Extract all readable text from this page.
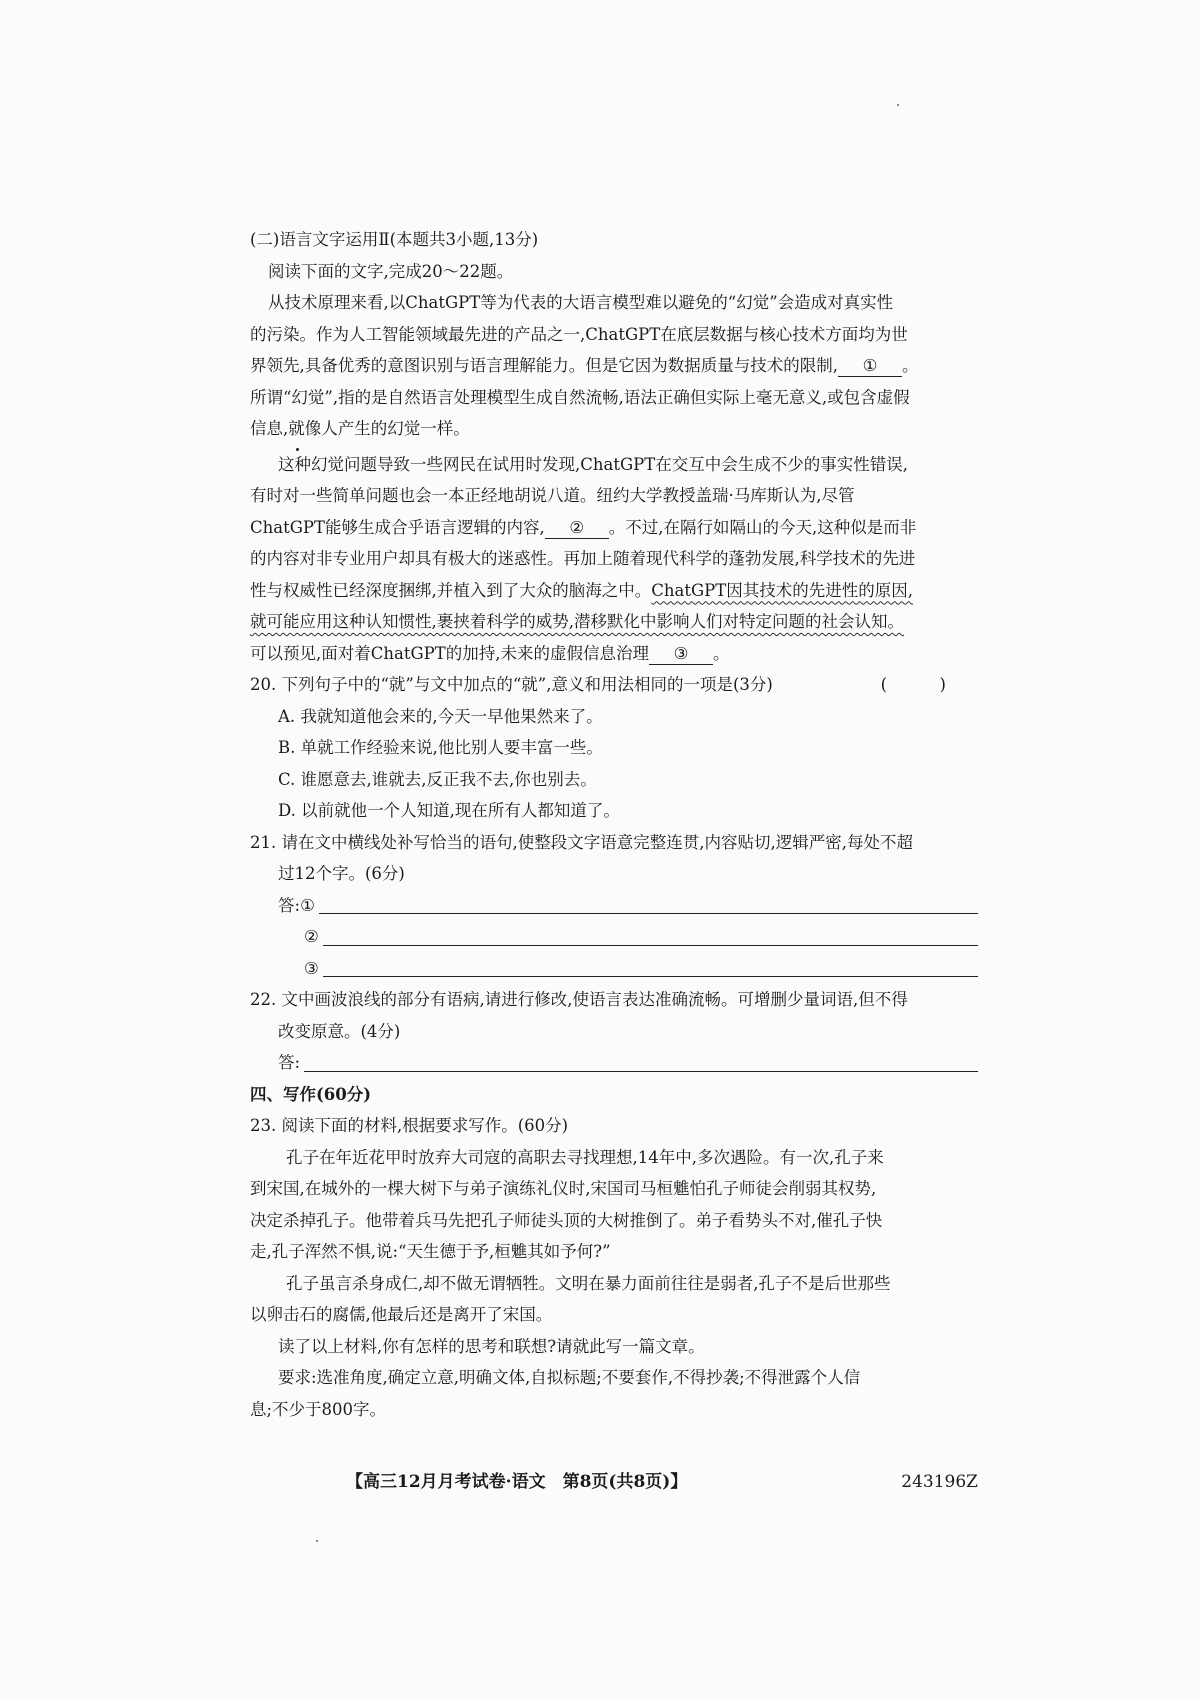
(二)语言文字运用Ⅱ(本题共3小题,13分)
阅读下面的文字,完成20～22题。
从技术原理来看,以ChatGPT等为代表的大语言模型难以避免的“幻觉”会造成对真实性
的污染。作为人工智能领域最先进的产品之一,ChatGPT在底层数据与核心技术方面均为世
界领先,具备优秀的意图识别与语言理解能力。但是它因为数据质量与技术的限制, ① 。
所谓“幻觉”,指的是自然语言处理模型生成自然流畅,语法正确但实际上毫无意义,或包含虚假
信息,就像人产生的幻觉一样。
这种幻觉问题导致一些网民在试用时发现,ChatGPT在交互中会生成不少的事实性错误,
有时对一些简单问题也会一本正经地胡说八道。纽约大学教授盖瑞·马库斯认为,尽管
ChatGPT能够生成合乎语言逻辑的内容, ② 。不过,在隔行如隔山的今天,这种似是而非
的内容对非专业用户却具有极大的迷惑性。再加上随着现代科学的蓬勃发展,科学技术的先进
性与权威性已经深度捆绑,并植入到了大众的脑海之中。ChatGPT因其技术的先进性的原因,
就可能应用这种认知惯性,裹挟着科学的威势,潜移默化中影响人们对特定问题的社会认知。
可以预见,面对着ChatGPT的加持,未来的虚假信息治理 ③ 。
20. 下列句子中的“就”与文中加点的“就”,意义和用法相同的一项是(3分)	(　)
A. 我就知道他会来的,今天一早他果然来了。
B. 单就工作经验来说,他比别人要丰富一些。
C. 谁愿意去,谁就去,反正我不去,你也别去。
D. 以前就他一个人知道,现在所有人都知道了。
21. 请在文中横线处补写恰当的语句,使整段文字语意完整连贯,内容贴切,逻辑严密,每处不超
过12个字。(6分)
答: ①
②
③
22. 文中画波浪线的部分有语病,请进行修改,使语言表达准确流畅。可增删少量词语,但不得
改变原意。(4分)
答:
四、写作(60分)
23. 阅读下面的材料,根据要求写作。(60分)
孔子在年近花甲时放弃大司寇的高职去寻找理想,14年中,多次遇险。有一次,孔子来
到宋国,在城外的一棵大树下与弟子演练礼仪时,宋国司马桓魋怕孔子师徒会削弱其权势,
决定杀掉孔子。他带着兵马先把孔子师徒头顶的大树推倒了。弟子看势头不对,催孔子快
走,孔子浑然不惧,说:“天生德于予,桓魋其如予何?”
孔子虽言杀身成仁,却不做无谓牺牲。文明在暴力面前往往是弱者,孔子不是后世那些
以卵击石的腐儒,他最后还是离开了宋国。
读了以上材料,你有怎样的思考和联想?请就此写一篇文章。
要求:选准角度,确定立意,明确文体,自拟标题;不要套作,不得抄袭;不得泄露个人信
息;不少于800字。
【高三12月月考试卷·语文　第8页(共8页)】	243196Z
